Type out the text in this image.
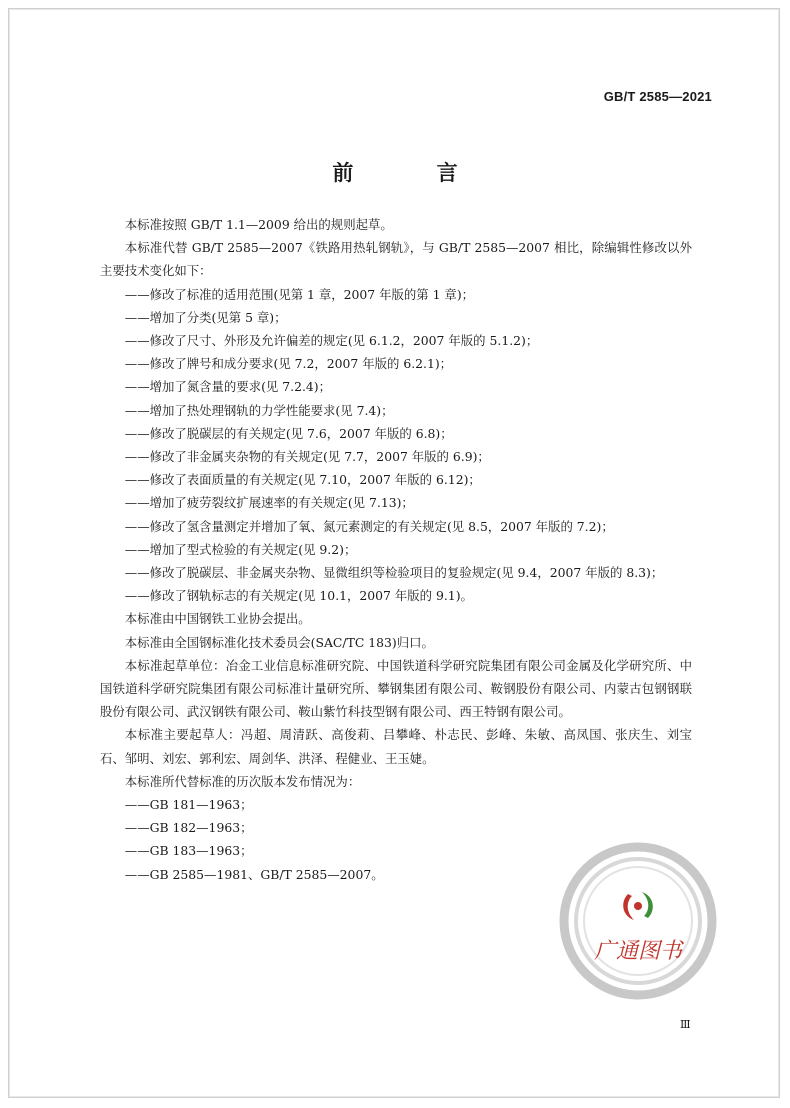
GB/T 2585—2021
前 言

本标准按照 GB/T 1.1—2009 给出的规则起草。

本标准代替 GB/T 2585—2007《铁路用热轧钢轨》，与 GB/T 2585—2007 相比，除编辑性修改以外主要技术变化如下：

——修改了标准的适用范围(见第 1 章，2007 年版的第 1 章)；

——增加了分类(见第 5 章)；

——修改了尺寸、外形及允许偏差的规定(见 6.1.2，2007 年版的 5.1.2)；

——修改了牌号和成分要求(见 7.2，2007 年版的 6.2.1)；

——增加了氮含量的要求(见 7.2.4)；

——增加了热处理钢轨的力学性能要求(见 7.4)；

——修改了脱碳层的有关规定(见 7.6，2007 年版的 6.8)；

——修改了非金属夹杂物的有关规定(见 7.7，2007 年版的 6.9)；

——修改了表面质量的有关规定(见 7.10，2007 年版的 6.12)；

——增加了疲劳裂纹扩展速率的有关规定(见 7.13)；

——修改了氢含量测定并增加了氧、氮元素测定的有关规定(见 8.5，2007 年版的 7.2)；

——增加了型式检验的有关规定(见 9.2)；

——修改了脱碳层、非金属夹杂物、显微组织等检验项目的复验规定(见 9.4，2007 年版的 8.3)；

——修改了钢轨标志的有关规定(见 10.1，2007 年版的 9.1)。

本标准由中国钢铁工业协会提出。

本标准由全国钢标准化技术委员会(SAC/TC 183)归口。

本标准起草单位：冶金工业信息标准研究院、中国铁道科学研究院集团有限公司金属及化学研究所、中国铁道科学研究院集团有限公司标准计量研究所、攀钢集团有限公司、鞍钢股份有限公司、内蒙古包钢钢联股份有限公司、武汉钢铁有限公司、鞍山紫竹科技型钢有限公司、西王特钢有限公司。

本标准主要起草人：冯超、周清跃、高俊莉、吕攀峰、朴志民、彭峰、朱敏、高凤国、张庆生、刘宝石、邹明、刘宏、郭利宏、周剑华、洪泽、程健业、王玉婕。

本标准所代替标准的历次版本发布情况为：

——GB 181—1963；

——GB 182—1963；

——GB 183—1963；

——GB 2585—1981、GB/T 2585—2007。

广通图书
Ⅲ
